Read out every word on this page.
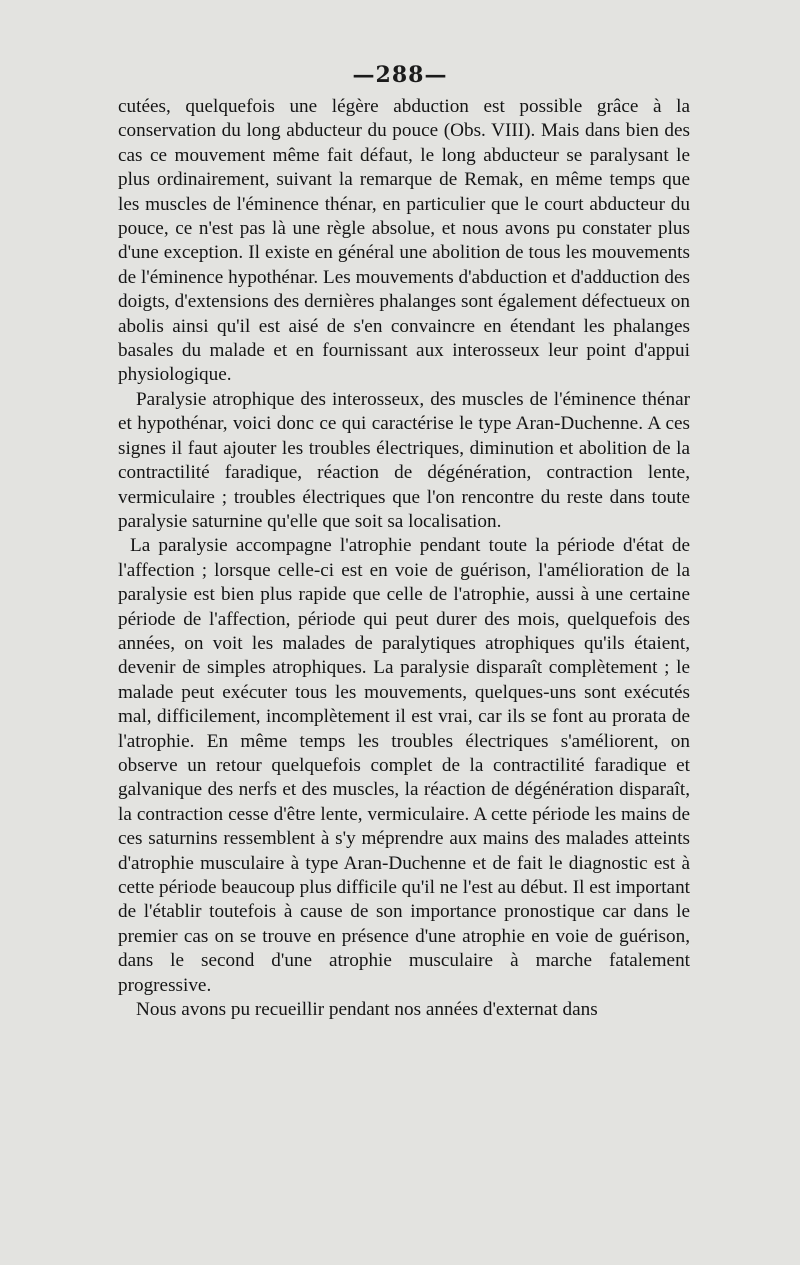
—288—

cutées, quelquefois une légère abduction est possible grâce à la conservation du long abducteur du pouce (Obs. VIII). Mais dans bien des cas ce mouvement même fait défaut, le long abducteur se paralysant le plus ordinairement, suivant la remarque de Remak, en même temps que les muscles de l'éminence thénar, en particulier que le court abducteur du pouce, ce n'est pas là une règle absolue, et nous avons pu constater plus d'une exception. Il existe en général une abolition de tous les mouvements de l'éminence hypothénar. Les mouvements d'abduction et d'adduction des doigts, d'extensions des dernières phalanges sont également défectueux on abolis ainsi qu'il est aisé de s'en convaincre en étendant les phalanges basales du malade et en fournissant aux interosseux leur point d'appui physiologique.

Paralysie atrophique des interosseux, des muscles de l'éminence thénar et hypothénar, voici donc ce qui caractérise le type Aran-Duchenne. A ces signes il faut ajouter les troubles électriques, diminution et abolition de la contractilité faradique, réaction de dégénération, contraction lente, vermiculaire ; troubles électriques que l'on rencontre du reste dans toute paralysie saturnine qu'elle que soit sa localisation.

La paralysie accompagne l'atrophie pendant toute la période d'état de l'affection ; lorsque celle-ci est en voie de guérison, l'amélioration de la paralysie est bien plus rapide que celle de l'atrophie, aussi à une certaine période de l'affection, période qui peut durer des mois, quelquefois des années, on voit les malades de paralytiques atrophiques qu'ils étaient, devenir de simples atrophiques. La paralysie disparaît complètement ; le malade peut exécuter tous les mouvements, quelques-uns sont exécutés mal, difficilement, incomplètement il est vrai, car ils se font au prorata de l'atrophie. En même temps les troubles électriques s'améliorent, on observe un retour quelquefois complet de la contractilité faradique et galvanique des nerfs et des muscles, la réaction de dégénération disparaît, la contraction cesse d'être lente, vermiculaire. A cette période les mains de ces saturnins ressemblent à s'y méprendre aux mains des malades atteints d'atrophie musculaire à type Aran-Duchenne et de fait le diagnostic est à cette période beaucoup plus difficile qu'il ne l'est au début. Il est important de l'établir toutefois à cause de son importance pronostique car dans le premier cas on se trouve en présence d'une atrophie en voie de guérison, dans le second d'une atrophie musculaire à marche fatalement progressive.

Nous avons pu recueillir pendant nos années d'externat dans
